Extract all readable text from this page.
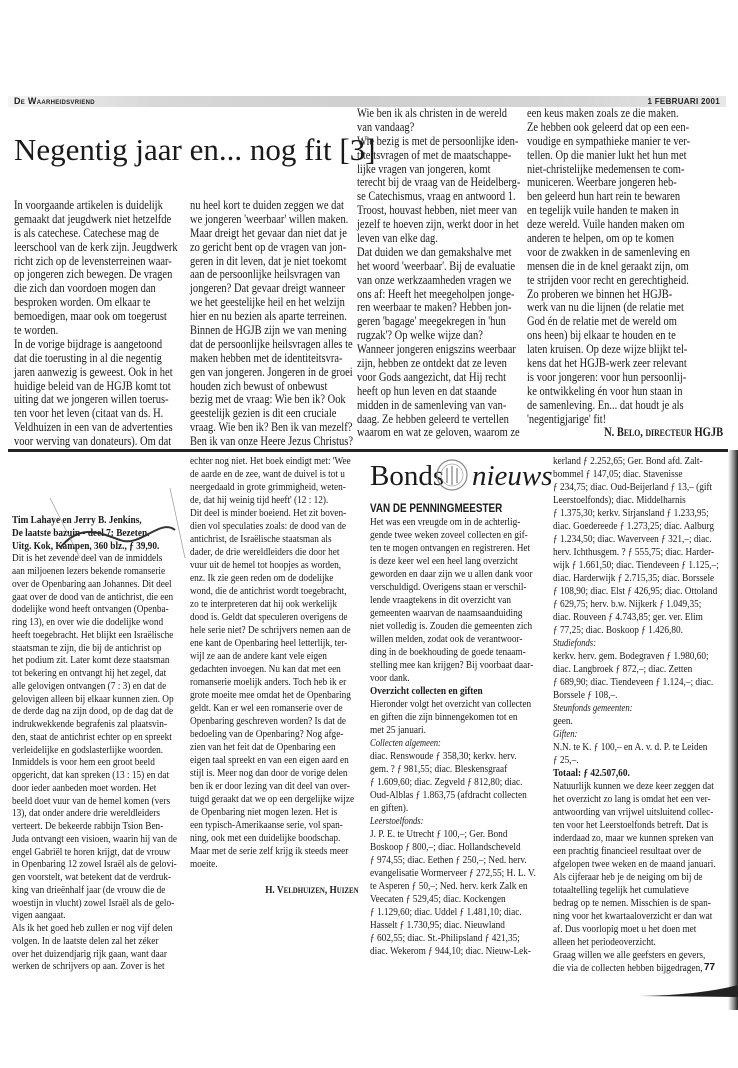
De Waarheidsvriend	1 FEBRUARI 2001
Negentig jaar en... nog fit [3]
In voorgaande artikelen is duidelijk
gemaakt dat jeugdwerk niet hetzelfde
is als catechese. Catechese mag de
leerschool van de kerk zijn. Jeugdwerk
richt zich op de levensterreinen waar-
op jongeren zich bewegen. De vragen
die zich dan voordoen mogen dan
besproken worden. Om elkaar te
bemoedigen, maar ook om toegerust
te worden.
In de vorige bijdrage is aangetoond
dat die toerusting in al die negentig
jaren aanwezig is geweest. Ook in het
huidige beleid van de HGJB komt tot
uiting dat we jongeren willen toerus-
ten voor het leven (citaat van ds. H.
Veldhuizen in een van de advertenties
voor werving van donateurs). Om dat
nu heel kort te duiden zeggen we dat
we jongeren 'weerbaar' willen maken.
Maar dreigt het gevaar dan niet dat je
zo gericht bent op de vragen van jon-
geren in dit leven, dat je niet toekomt
aan de persoonlijke heilsvragen van
jongeren? Dat gevaar dreigt wanneer
we het geestelijke heil en het welzijn
hier en nu bezien als aparte terreinen.
Binnen de HGJB zijn we van mening
dat de persoonlijke heilsvragen alles te
maken hebben met de identiteitsvra-
gen van jongeren. Jongeren in de groei
houden zich bewust of onbewust
bezig met de vraag: Wie ben ik? Ook
geestelijk gezien is dit een cruciale
vraag. Wie ben ik? Ben ik van mezelf?
Ben ik van onze Heere Jezus Christus?
Wie ben ik als christen in de wereld
van vandaag?
Wie bezig is met de persoonlijke iden-
titeitsvragen of met de maatschappe-
lijke vragen van jongeren, komt
terecht bij de vraag van de Heidelberg-
se Catechismus, vraag en antwoord 1.
Troost, houvast hebben, niet meer van
jezelf te hoeven zijn, werkt door in het
leven van elke dag.
Dat duiden we dan gemakshalve met
het woord 'weerbaar'. Bij de evaluatie
van onze werkzaamheden vragen we
ons af: Heeft het meegeholpen jonge-
ren weerbaar te maken? Hebben jon-
geren 'bagage' meegekregen in 'hun
rugzak'? Op welke wijze dan?
Wanneer jongeren enigszins weerbaar
zijn, hebben ze ontdekt dat ze leven
voor Gods aangezicht, dat Hij recht
heeft op hun leven en dat staande
midden in de samenleving van van-
daag. Ze hebben geleerd te vertellen
waarom en wat ze geloven, waarom ze
een keus maken zoals ze die maken.
Ze hebben ook geleerd dat op een een-
voudige en sympathieke manier te ver-
tellen. Op die manier lukt het hun met
niet-christelijke medemensen te com-
municeren. Weerbare jongeren heb-
ben geleerd hun hart rein te bewaren
en tegelijk vuile handen te maken in
deze wereld. Vuile handen maken om
anderen te helpen, om op te komen
voor de zwakken in de samenleving en
mensen die in de knel geraakt zijn, om
te strijden voor recht en gerechtigheid.
Zo proberen we binnen het HGJB-
werk van nu die lijnen (de relatie met
God én de relatie met de wereld om
ons heen) bij elkaar te houden en te
laten kruisen. Op deze wijze blijkt tel-
kens dat het HGJB-werk zeer relevant
is voor jongeren: voor hun persoonlij-
ke ontwikkeling én voor hun staan in
de samenleving. En... dat houdt je als
'negentigjarige' fit!
N. Belo, directeur HGJB
Tim Lahaye en Jerry B. Jenkins,
De laatste bazuin - deel 7: Bezeten.
Uitg. Kok, Kampen, 360 blz., ƒ 39,90.
Dit is het zevende deel van de inmiddels
aan miljoenen lezers bekende romanserie
over de Openbaring aan Johannes. Dit deel
gaat over de dood van de antichrist, die een
dodelijke wond heeft ontvangen (Openba-
ring 13), en over wie die dodelijke wond
heeft toegebracht. Het blijkt een Israëlische
staatsman te zijn, die bij de antichrist op
het podium zit. Later komt deze staatsman
tot bekering en ontvangt hij het zegel, dat
alle gelovigen ontvangen (7 : 3) en dat de
gelovigen alleen bij elkaar kunnen zien. Op
de derde dag na zijn dood, op de dag dat de
indrukwekkende begrafenis zal plaatsvin-
den, staat de antichrist echter op en spreekt
verleidelijke en godslasterlijke woorden.
Inmiddels is voor hem een groot beeld
opgericht, dat kan spreken (13 : 15) en dat
door ieder aanbeden moet worden. Het
beeld doet vuur van de hemel komen (vers
13), dat onder andere drie wereldleiders
verteert. De bekeerde rabbijn Tsion Ben-
Juda ontvangt een visioen, waarin hij van de
engel Gabriël te horen krijgt, dat de vrouw
in Openbaring 12 zowel Israël als de gelovi-
gen voorstelt, wat betekent dat de verdruk-
king van drieënhalf jaar (de vrouw die de
woestijn in vlucht) zowel Israël als de gelo-
vigen aangaat.
Als ik het goed heb zullen er nog vijf delen
volgen. In de laatste delen zal het zéker
over het duizendjarig rijk gaan, want daar
werken de schrijvers op aan. Zover is het
echter nog niet. Het boek eindigt met: 'Wee
de aarde en de zee, want de duivel is tot u
neergedaald in grote grimmigheid, weten-
de, dat hij weinig tijd heeft' (12 : 12).
Dit deel is minder boeiend. Het zit boven-
dien vol speculaties zoals: de dood van de
antichrist, de Israëlische staatsman als
dader, de drie wereldleiders die door het
vuur uit de hemel tot hoopjes as worden,
enz. Ik zie geen reden om de dodelijke
wond, die de antichrist wordt toegebracht,
zo te interpreteren dat hij ook werkelijk
dood is. Geldt dat speculeren overigens de
hele serie niet? De schrijvers nemen aan de
ene kant de Openbaring heel letterlijk, ter-
wijl ze aan de andere kant vele eigen
gedachten invoegen. Nu kan dat met een
romanserie moelijk anders. Toch heb ik er
grote moeite mee omdat het de Openbaring
geldt. Kan er wel een romanserie over de
Openbaring geschreven worden? Is dat de
bedoeling van de Openbaring? Nog afge-
zien van het feit dat de Openbaring een
eigen taal spreekt en van een eigen aard en
stijl is. Meer nog dan door de vorige delen
ben ik er door lezing van dit deel van over-
tuigd geraakt dat we op een dergelijke wijze
de Openbaring niet mogen lezen. Het is
een typisch-Amerikaanse serie, vol span-
ning, ook met een duidelijke boodschap.
Maar met de serie zelf krijg ik steeds meer
moeite.
H. Veldhuizen, Huizen
Bonds nieuws
VAN DE PENNINGMEESTER
Het was een vreugde om in de achterlig-
gende twee weken zoveel collecten en gif-
ten te mogen ontvangen en registreren. Het
is deze keer wel een heel lang overzicht
geworden en daar zijn we u allen dank voor
verschuldigd. Overigens staan er verschil-
lende vraagtekens in dit overzicht van
gemeenten waarvan de naamsaanduiding
niet volledig is. Zouden die gemeenten zich
willen melden, zodat ook de verantwoor-
ding in de boekhouding de goede tenaam-
stelling mee kan krijgen? Bij voorbaat daar-
voor dank.
Overzicht collecten en giften
Hieronder volgt het overzicht van collecten
en giften die zijn binnengekomen tot en
met 25 januari.
Collecten algemeen:
diac. Renswoude ƒ 358,30; kerkv. herv.
gem. ? ƒ 981,55; diac. Bleskensgraaf
ƒ 1.609,60; diac. Zegveld ƒ 812,80; diac.
Oud-Alblas ƒ 1.863,75 (afdracht collecten
en giften).
Leerstoelfonds:
J. P. E. te Utrecht ƒ 100,–; Ger. Bond
Boskoop ƒ 800,–; diac. Hollandscheveld
ƒ 974,55; diac. Eethen ƒ 250,–; Ned. herv.
evangelisatie Wormerveer ƒ 272,55; H. L. V.
te Asperen ƒ 50,–; Ned. herv. kerk Zalk en
Veecaten ƒ 529,45; diac. Kockengen
ƒ 1.129,60; diac. Uddel ƒ 1.481,10; diac.
Hasselt ƒ 1.730,95; diac. Nieuwland
ƒ 602,55; diac. St.-Philipsland ƒ 421,35;
diac. Wekerom ƒ 944,10; diac. Nieuw-Lek-
kerland ƒ 2.252,65; Ger. Bond afd. Zalt-
bommel ƒ 147,05; diac. Stavenisse
ƒ 234,75; diac. Oud-Beijerland ƒ 13,– (gift
Leerstoelfonds); diac. Middelharnis
ƒ 1.375,30; kerkv. Sirjansland ƒ 1.233,95;
diac. Goedereede ƒ 1.273,25; diac. Aalburg
ƒ 1.234,50; diac. Waverveen ƒ 321,–; diac.
herv. Ichthusgem. ? ƒ 555,75; diac. Harder-
wijk ƒ 1.661,50; diac. Tiendeveen ƒ 1.125,–;
diac. Harderwijk ƒ 2.715,35; diac. Borssele
ƒ 108,90; diac. Elst ƒ 426,95; diac. Ottoland
ƒ 629,75; herv. b.w. Nijkerk ƒ 1.049,35;
diac. Rouveen ƒ 4.743,85; ger. ver. Elim
ƒ 77,25; diac. Boskoop ƒ 1.426,80.
Studiefonds:
kerkv. herv. gem. Bodegraven ƒ 1.980,60;
diac. Langbroek ƒ 872,–; diac. Zetten
ƒ 689,90; diac. Tiendeveen ƒ 1.124,–; diac.
Borssele ƒ 108,–.
Steunfonds gemeenten:
geen.
Giften:
N.N. te K. ƒ 100,– en A. v. d. P. te Leiden
ƒ 25,–.
Totaal: ƒ 42.507,60.
Natuurlijk kunnen we deze keer zeggen dat
het overzicht zo lang is omdat het een ver-
antwoording van vrijwel uitsluitend collec-
ten voor het Leerstoelfonds betreft. Dat is
inderdaad zo, maar we kunnen spreken van
een prachtig financieel resultaat over de
afgelopen twee weken en de maand januari.
Als cijferaar heb je de neiging om bij de
totaaltelling tegelijk het cumulatieve
bedrag op te nemen. Misschien is de span-
ning voor het kwartaaloverzicht er dan wat
af. Dus voorlopig moet u het doen met
alleen het periodeoverzicht.
Graag willen we alle geefsters en gevers,
die via de collecten hebben bijgedragen, 77
